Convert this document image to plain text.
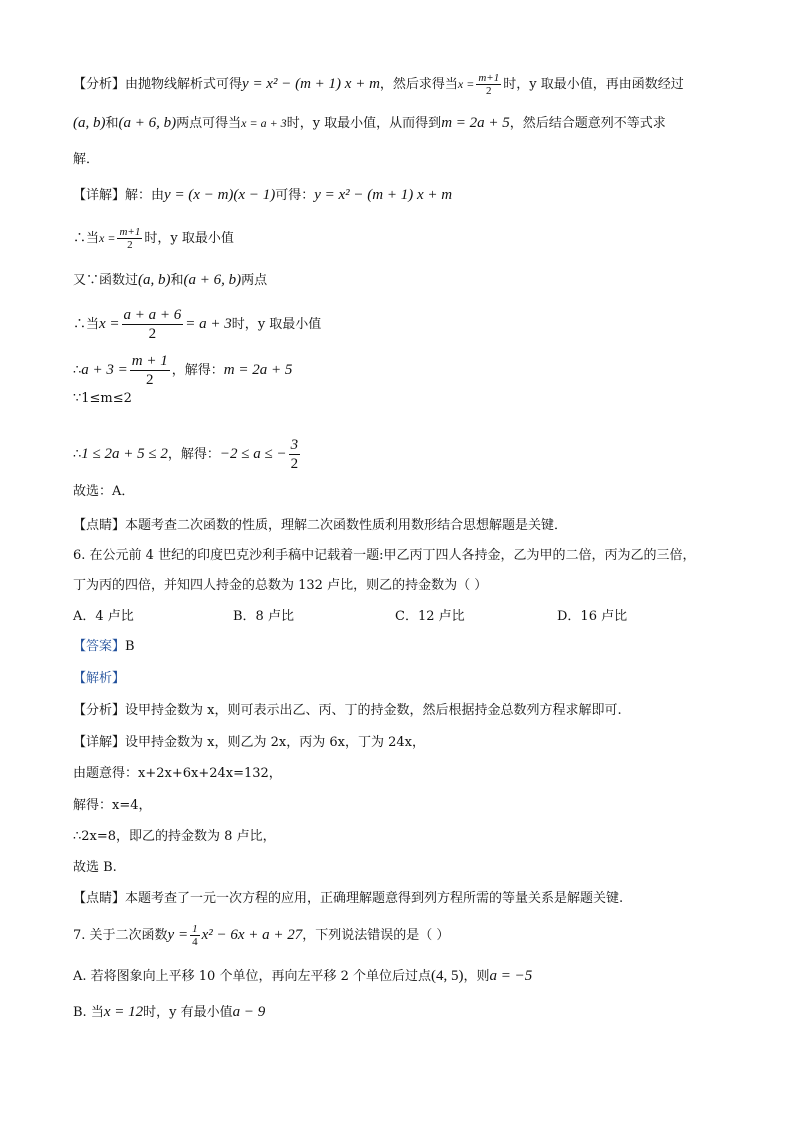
【分析】由抛物线解析式可得y = x² − (m + 1) x + m，然后求得当$x = \frac{m+1}{2}$ 时，y 取最小值，再由函数经过
(a, b)和(a + 6, b)两点可得当x = a + 3时，y 取最小值，从而得到m = 2a + 5，然后结合题意列不等式求
解．
【详解】解：由y = (x − m)(x − 1)可得：y = x² − (m + 1) x + m
∴当$x = \frac{m+1}{2}$ 时，y 取最小值
又∵函数过(a, b)和(a + 6, b)两点
∴当$x = \frac{a + a + 6}{2} = a + 3$时，y 取最小值
∴a + $3 = \frac{m + 1}{2}$ ，解得：m = 2a + 5
∵1≤m≤2
∴1 ≤ 2a + 5 ≤ 2，解得：−2 ≤ a ≤ − $\frac{3}{2}$
故选：A．
【点睛】本题考查二次函数的性质，理解二次函数性质利用数形结合思想解题是关键．
6. 在公元前 4 世纪的印度巴克沙利手稿中记载着一题:甲乙丙丁四人各持金，乙为甲的二倍，丙为乙的三倍，
丁为丙的四倍，并知四人持金的总数为 132 卢比，则乙的持金数为（ ）
A．4 卢比	B．8 卢比	C．12 卢比	D．16 卢比
【答案】B
【解析】
【分析】设甲持金数为 x，则可表示出乙、丙、丁的持金数，然后根据持金总数列方程求解即可.
【详解】设甲持金数为 x，则乙为 2x，丙为 6x，丁为 24x，
由题意得：x+2x+6x+24x=132，
解得：x=4，
∴2x=8，即乙的持金数为 8 卢比，
故选 B.
【点睛】本题考查了一元一次方程的应用，正确理解题意得到列方程所需的等量关系是解题关键.
7. 关于二次函数$y = \frac{1}{4} x^2 - 6x + a + 27$，下列说法错误的是（ ）
A. 若将图象向上平移 10 个单位，再向左平移 2 个单位后过点(4, 5)，则a = −5
B. 当x = 12时，y 有最小值a − 9
